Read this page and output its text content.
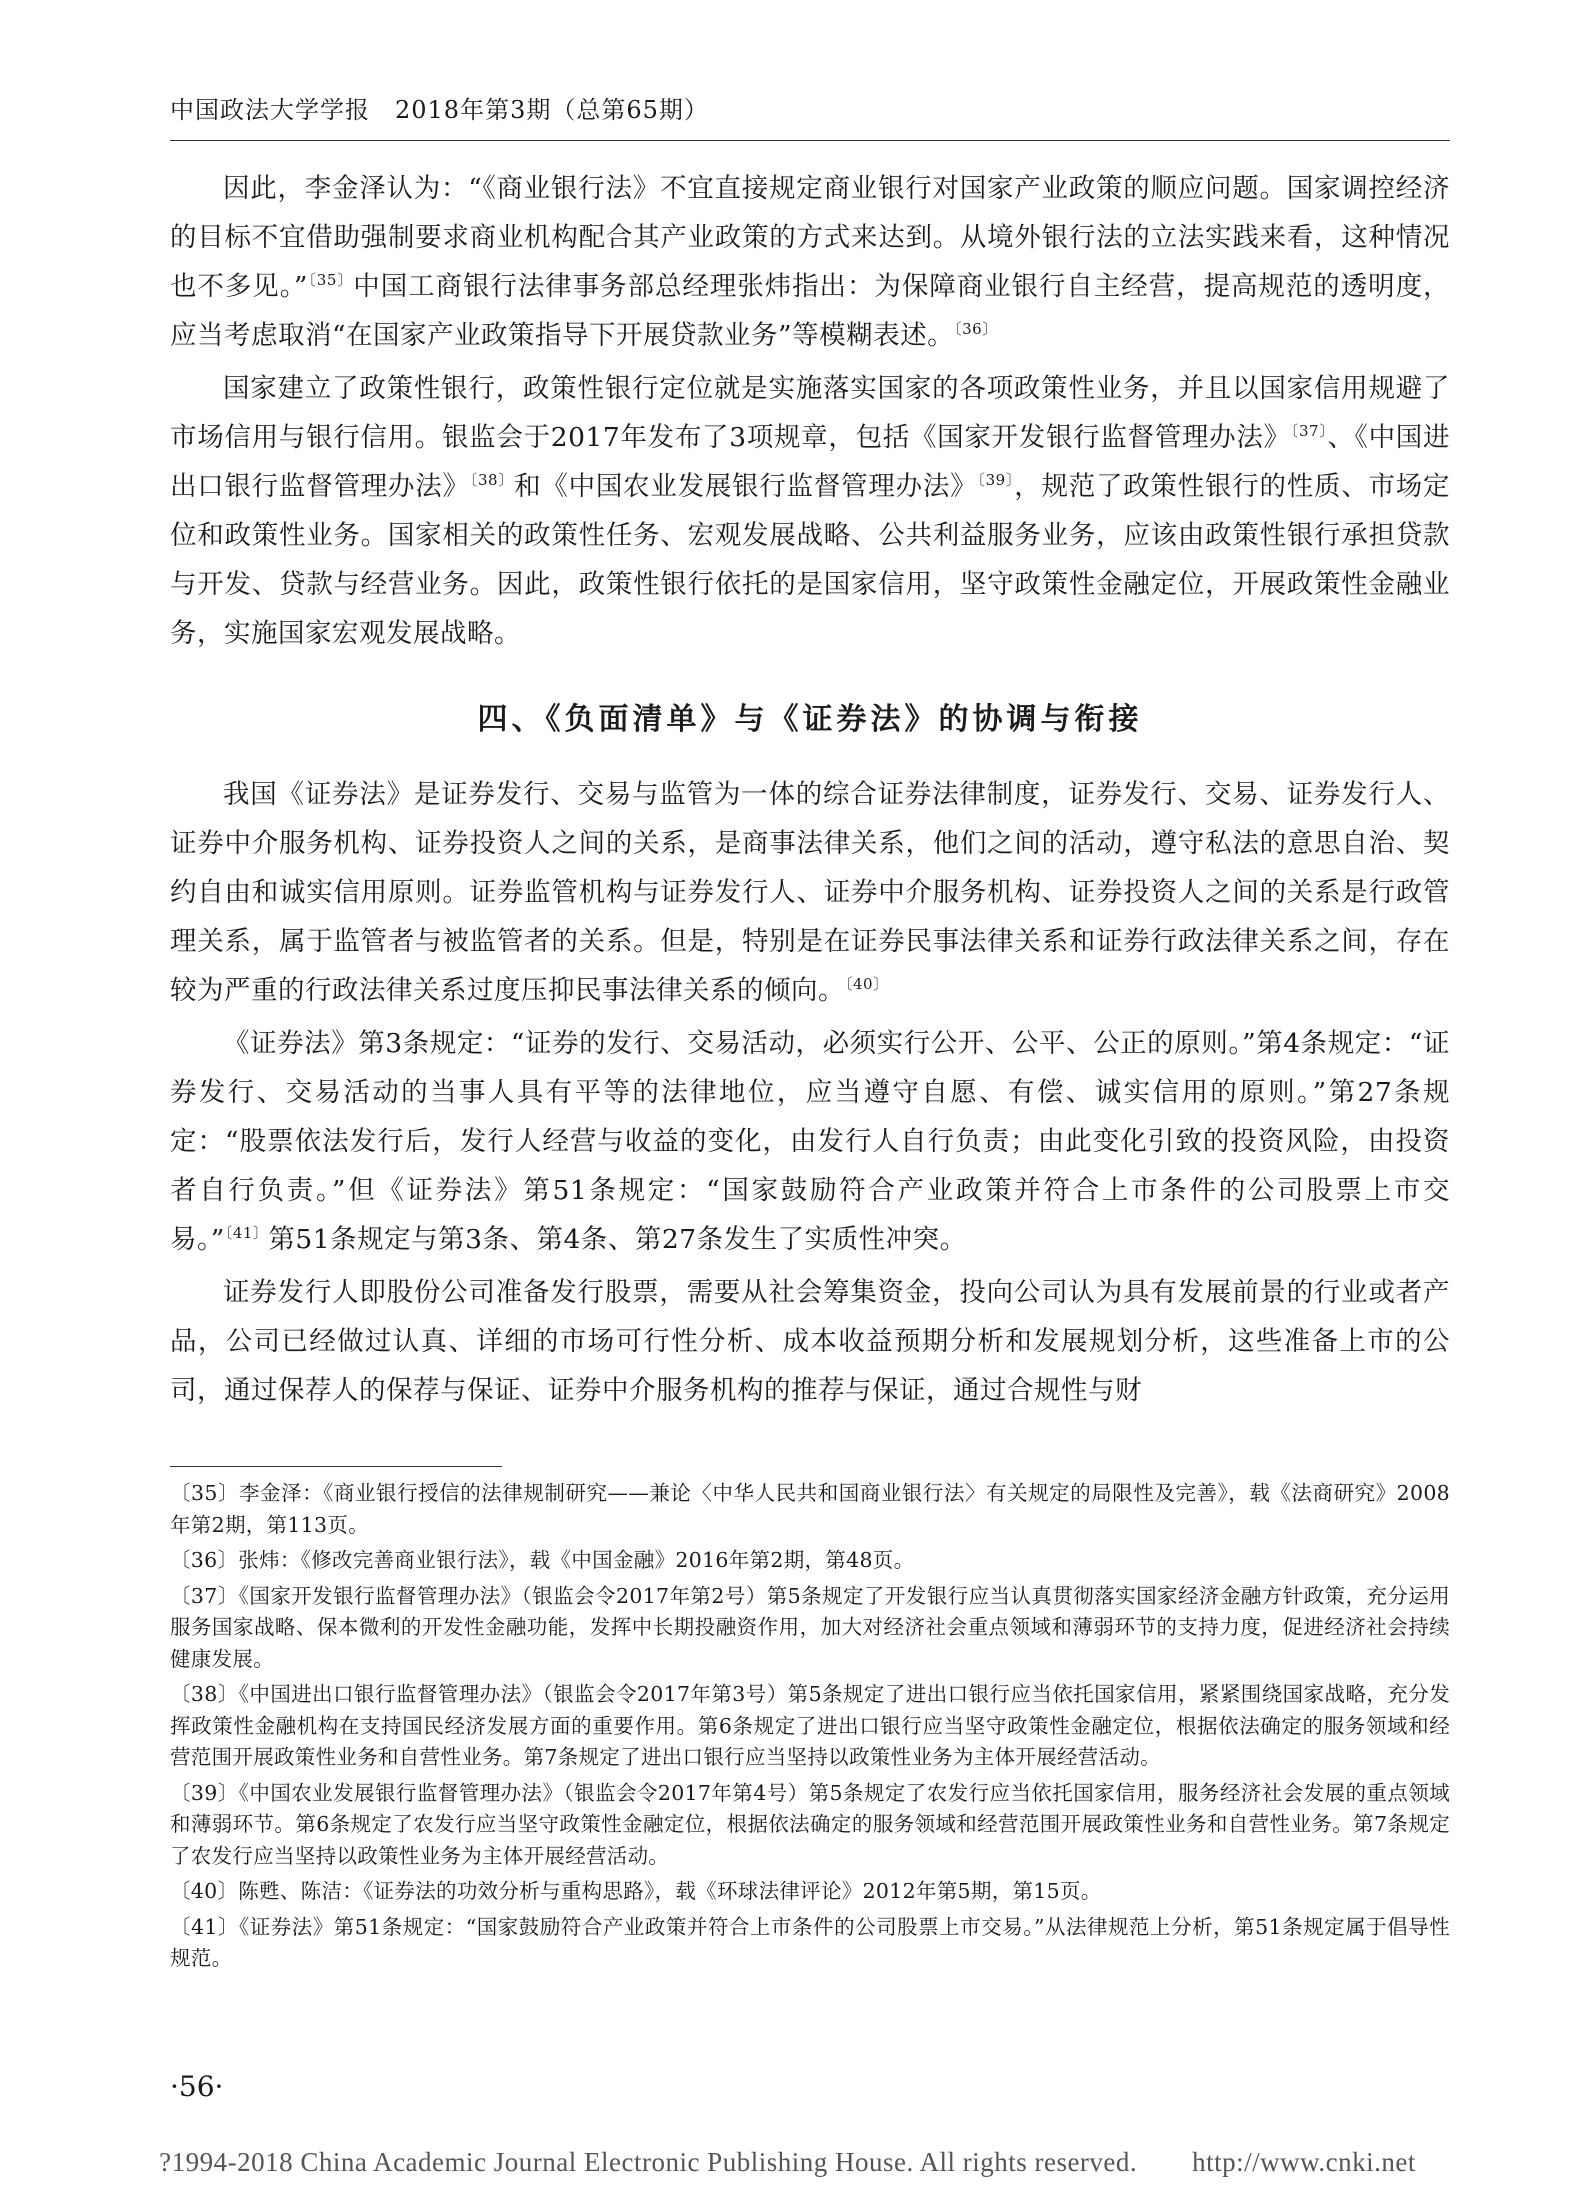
中国政法大学学报　2018年第3期（总第65期）

因此，李金泽认为：“《商业银行法》不宜直接规定商业银行对国家产业政策的顺应问题。国家调控经济的目标不宜借助强制要求商业机构配合其产业政策的方式来达到。从境外银行法的立法实践来看，这种情况也不多见。”$^{〔35〕}$中国工商银行法律事务部总经理张炜指出：为保障商业银行自主经营，提高规范的透明度，应当考虑取消“在国家产业政策指导下开展贷款业务”等模糊表述。$^{〔36〕}$

国家建立了政策性银行，政策性银行定位就是实施落实国家的各项政策性业务，并且以国家信用规避了市场信用与银行信用。银监会于2017年发布了3项规章，包括《国家开发银行监督管理办法》$^{〔37〕}$、《中国进出口银行监督管理办法》$^{〔38〕}$和《中国农业发展银行监督管理办法》$^{〔39〕}$，规范了政策性银行的性质、市场定位和政策性业务。国家相关的政策性任务、宏观发展战略、公共利益服务业务，应该由政策性银行承担贷款与开发、贷款与经营业务。因此，政策性银行依托的是国家信用，坚守政策性金融定位，开展政策性金融业务，实施国家宏观发展战略。

四、《负面清单》与《证券法》的协调与衔接

我国《证券法》是证券发行、交易与监管为一体的综合证券法律制度，证券发行、交易、证券发行人、证券中介服务机构、证券投资人之间的关系，是商事法律关系，他们之间的活动，遵守私法的意思自治、契约自由和诚实信用原则。证券监管机构与证券发行人、证券中介服务机构、证券投资人之间的关系是行政管理关系，属于监管者与被监管者的关系。但是，特别是在证券民事法律关系和证券行政法律关系之间，存在较为严重的行政法律关系过度压抑民事法律关系的倾向。$^{〔40〕}$

《证券法》第3条规定：“证券的发行、交易活动，必须实行公开、公平、公正的原则。”第4条规定：“证券发行、交易活动的当事人具有平等的法律地位，应当遵守自愿、有偿、诚实信用的原则。”第27条规定：“股票依法发行后，发行人经营与收益的变化，由发行人自行负责；由此变化引致的投资风险，由投资者自行负责。”但《证券法》第51条规定：“国家鼓励符合产业政策并符合上市条件的公司股票上市交易。”$^{〔41〕}$第51条规定与第3条、第4条、第27条发生了实质性冲突。

证券发行人即股份公司准备发行股票，需要从社会筹集资金，投向公司认为具有发展前景的行业或者产品，公司已经做过认真、详细的市场可行性分析、成本收益预期分析和发展规划分析，这些准备上市的公司，通过保荐人的保荐与保证、证券中介服务机构的推荐与保证，通过合规性与财

〔35〕李金泽：《商业银行授信的法律规制研究——兼论〈中华人民共和国商业银行法〉有关规定的局限性及完善》，载《法商研究》2008年第2期，第113页。

〔36〕张炜：《修改完善商业银行法》，载《中国金融》2016年第2期，第48页。

〔37〕《国家开发银行监督管理办法》（银监会令2017年第2号）第5条规定了开发银行应当认真贯彻落实国家经济金融方针政策，充分运用服务国家战略、保本微利的开发性金融功能，发挥中长期投融资作用，加大对经济社会重点领域和薄弱环节的支持力度，促进经济社会持续健康发展。

〔38〕《中国进出口银行监督管理办法》（银监会令2017年第3号）第5条规定了进出口银行应当依托国家信用，紧紧围绕国家战略，充分发挥政策性金融机构在支持国民经济发展方面的重要作用。第6条规定了进出口银行应当坚守政策性金融定位，根据依法确定的服务领域和经营范围开展政策性业务和自营性业务。第7条规定了进出口银行应当坚持以政策性业务为主体开展经营活动。

〔39〕《中国农业发展银行监督管理办法》（银监会令2017年第4号）第5条规定了农发行应当依托国家信用，服务经济社会发展的重点领域和薄弱环节。第6条规定了农发行应当坚守政策性金融定位，根据依法确定的服务领域和经营范围开展政策性业务和自营性业务。第7条规定了农发行应当坚持以政策性业务为主体开展经营活动。

〔40〕陈甦、陈洁：《证券法的功效分析与重构思路》，载《环球法律评论》2012年第5期，第15页。

〔41〕《证券法》第51条规定：“国家鼓励符合产业政策并符合上市条件的公司股票上市交易。”从法律规范上分析，第51条规定属于倡导性规范。

·56·
?1994-2018 China Academic Journal Electronic Publishing House. All rights reserved.　　http://www.cnki.net
